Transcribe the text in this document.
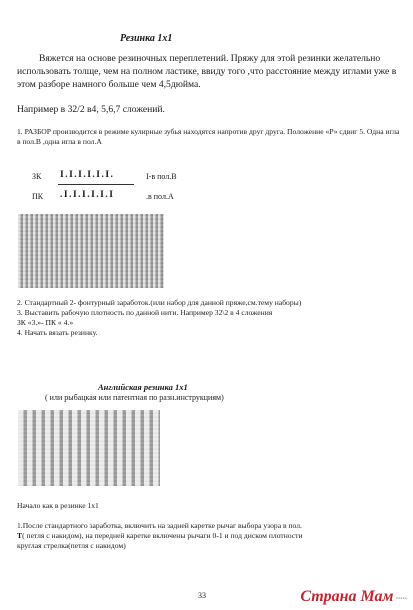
Резинка 1х1
Вяжется на основе резиночных переплетений. Пряжу для этой резинки желательно использовать толще, чем на полном ластике, ввиду того ,что расстояние между иглами уже в этом разборе намного больше чем 4,5дюйма.
Например в 32/2 в4, 5,6,7 сложений.
1. РАЗБОР производится в режиме кулирные зубья находятся напротив друг друга. Положение «Р» сдвиг 5. Одна игла в пол.В ,одна игла в пол.А
ЗК I.I.I.I.I.I.	I-в пол.В
ПК .I.I.I.I.I.I	.в пол.А
2. Стандартный 2- фонтурный заработок.(или набор для данной пряже,см.тему наборы)
3. Выставить рабочую плотность по данной нити. Например 32\2 в 4 сложения
ЗК «3.»- ПК « 4.»
4. Начать вязать резинку.
Английская резинка 1х1
( или рыбацкая или патентная по разн.инструкциям)
Начало как в резинке 1х1
1.После стандартного заработка, включить на задней каретке рычаг выбора узора в пол.
Т( петля с накидом), на передней каретке включены рычаги 0-1 и под диском плотности
круглая стрелка(петля с накидом)
33	Страна Мам ∙∙∙∙∙
